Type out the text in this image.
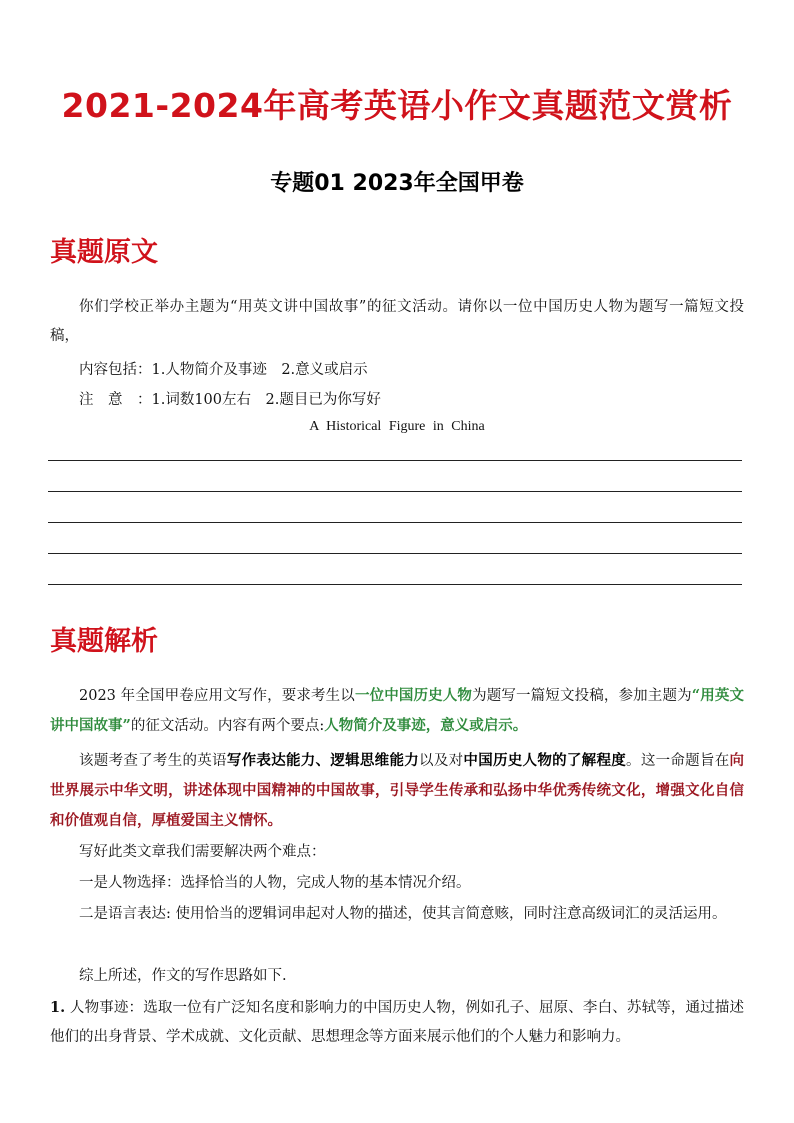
2021-2024年高考英语小作文真题范文赏析
专题01 2023年全国甲卷
真题原文
你们学校正举办主题为“用英文讲中国故事”的征文活动。请你以一位中国历史人物为题写一篇短文投稿，
内容包括：1.人物简介及事迹　2.意义或启示
注　意　：1.词数100左右　2.题目已为你写好
A Historical Figure in China
真题解析
2023 年全国甲卷应用文写作，要求考生以一位中国历史人物为题写一篇短文投稿，参加主题为“用英文讲中国故事”的征文活动。内容有两个要点:人物简介及事迹，意义或启示。
该题考查了考生的英语写作表达能力、逻辑思维能力以及对中国历史人物的了解程度。这一命题旨在向世界展示中华文明，讲述体现中国精神的中国故事，引导学生传承和弘扬中华优秀传统文化，增强文化自信和价值观自信，厚植爱国主义情怀。
写好此类文章我们需要解决两个难点：
一是人物选择：选择恰当的人物，完成人物的基本情况介绍。
二是语言表达: 使用恰当的逻辑词串起对人物的描述，使其言简意赅，同时注意高级词汇的灵活运用。
综上所述，作文的写作思路如下.
1. 人物事迹：选取一位有广泛知名度和影响力的中国历史人物，例如孔子、屈原、李白、苏轼等，通过描述他们的出身背景、学术成就、文化贡献、思想理念等方面来展示他们的个人魅力和影响力。
